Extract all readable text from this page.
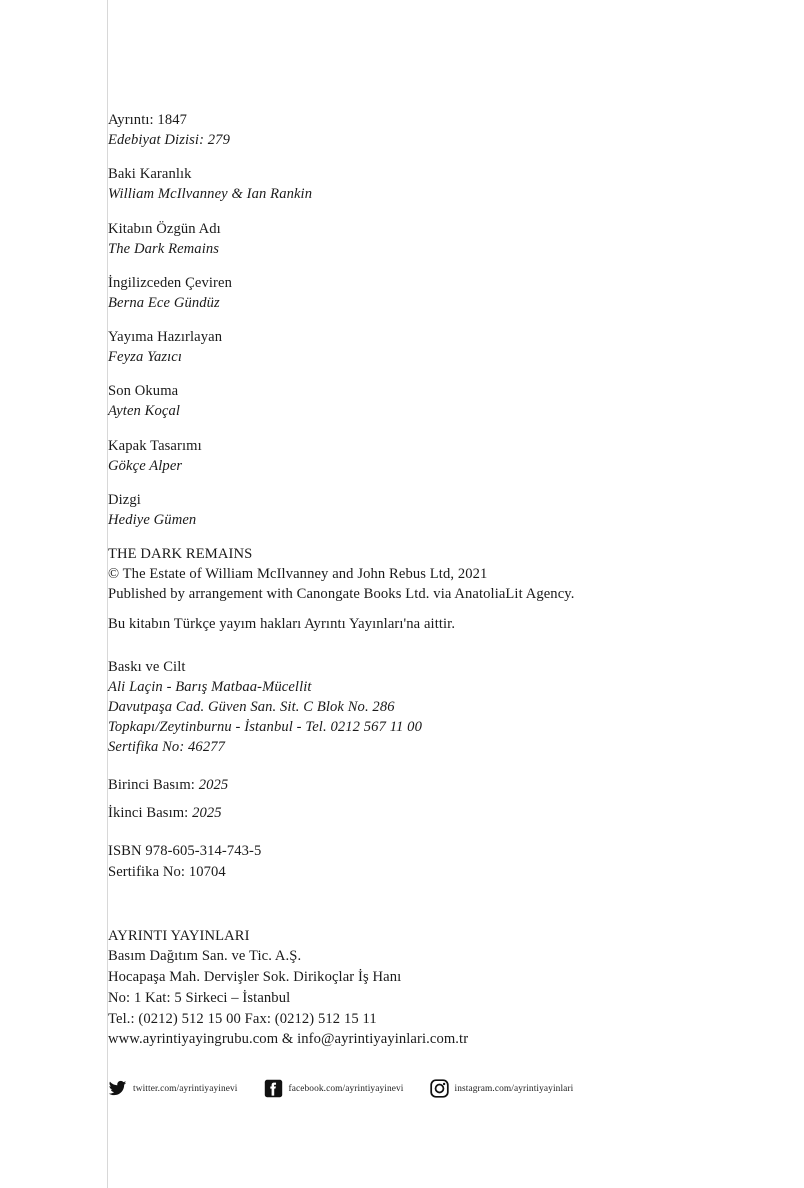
Ayrıntı: 1847
Edebiyat Dizisi: 279
Baki Karanlık
William McIlvanney & Ian Rankin
Kitabın Özgün Adı
The Dark Remains
İngilizceden Çeviren
Berna Ece Gündüz
Yayıma Hazırlayan
Feyza Yazıcı
Son Okuma
Ayten Koçal
Kapak Tasarımı
Gökçe Alper
Dizgi
Hediye Gümen
THE DARK REMAINS
© The Estate of William McIlvanney and John Rebus Ltd, 2021
Published by arrangement with Canongate Books Ltd. via AnatoliaLit Agency.
Bu kitabın Türkçe yayım hakları Ayrıntı Yayınları'na aittir.
Baskı ve Cilt
Ali Laçin - Barış Matbaa-Mücellit
Davutpaşa Cad. Güven San. Sit. C Blok No. 286
Topkapı/Zeytinburnu - İstanbul - Tel. 0212 567 11 00
Sertifika No: 46277
Birinci Basım: 2025
İkinci Basım: 2025
ISBN 978-605-314-743-5
Sertifika No: 10704
AYRINTI YAYINLARI
Basım Dağıtım San. ve Tic. A.Ş.
Hocapaşa Mah. Dervişler Sok. Dirikoçlar İş Hanı
No: 1 Kat: 5 Sirkeci – İstanbul
Tel.: (0212) 512 15 00 Fax: (0212) 512 15 11
www.ayrintiyayingrubu.com & info@ayrintiyayinlari.com.tr
twitter.com/ayrintiyayinevi	facebook.com/ayrintiyayinevi	instagram.com/ayrintiyayinlari
